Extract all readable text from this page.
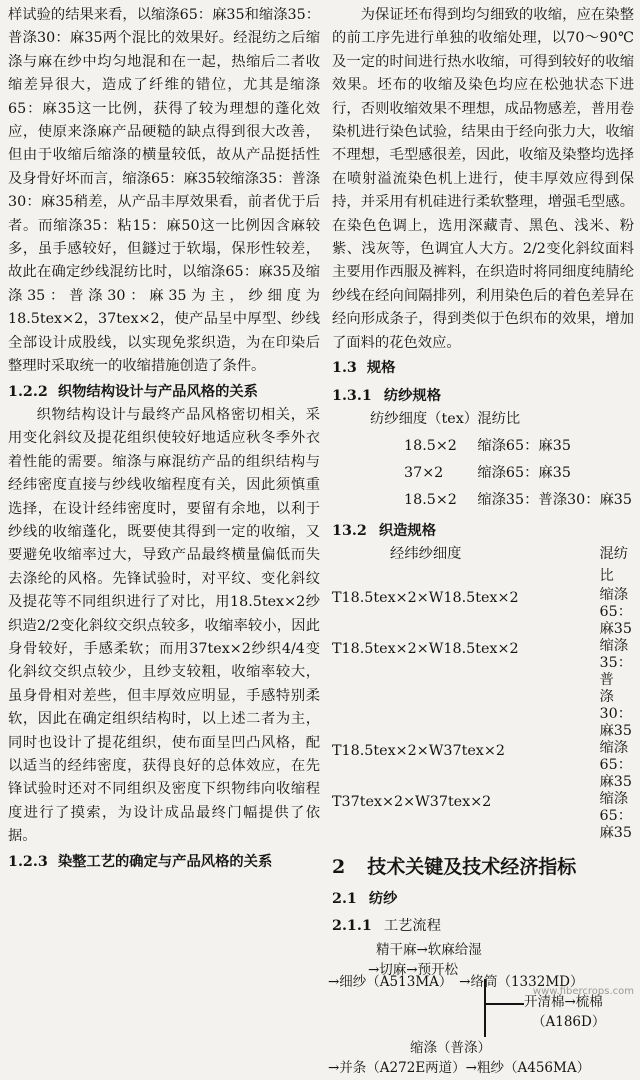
样试验的结果来看，以缩涤65：麻35和缩涤35：普涤30：麻35两个混比的效果好。经混纺之后缩涤与麻在纱中均匀地混和在一起，热缩后二者收缩差异很大，造成了纤维的错位，尤其是缩涤65：麻35这一比例，获得了较为理想的蓬化效应，使原来涤麻产品硬糙的缺点得到很大改善，但由于收缩后缩涤的横量较低，故从产品挺括性及身骨好坏而言，缩涤65：麻35较缩涤35：普涤30：麻35稍差，从产品丰厚效果看，前者优于后者。而缩涤35：粘15：麻50这一比例因含麻较多，虽手感较好，但鐩过于软塌，保形性较差，故此在确定纱线混纺比时，以缩涤65：麻35及缩涤35：普涤30：麻35为主，纱细度为18.5tex×2，37tex×2，使产品呈中厚型、纱线全部设计成股线，以实现免浆织造，为在印染后整理时采取统一的收缩措施创造了条件。

1.2.2 织物结构设计与产品风格的关系

织物结构设计与最终产品风格密切相关，采用变化斜纹及提花组织使较好地适应秋冬季外衣着性能的需要。缩涤与麻混纺产品的组织结构与经纬密度直接与纱线收缩程度有关，因此须慎重选择，在设计经纬密度时，要留有余地，以利于纱线的收缩蓬化，既要使其得到一定的收缩，又要避免收缩率过大，导致产品最终横量偏低而失去涤纶的风格。先锋试验时，对平纹、变化斜纹及提花等不同组织进行了对比，用18.5tex×2纱织造2/2变化斜纹交织点较多，收缩率较小，因此身骨较好，手感柔软；而用37tex×2纱织4/4变化斜纹交织点较少，且纱支较粗，收缩率较大，虽身骨相对差些，但丰厚效应明显，手感特别柔软，因此在确定组织结构时，以上述二者为主，同时也设计了提花组织，使布面呈凹凸风格，配以适当的经纬密度，获得良好的总体效应，在先锋试验时还对不同组织及密度下织物纬向收缩程度进行了摸索，为设计成品最终门幅提供了依据。

1.2.3 染整工艺的确定与产品风格的关系

为保证坯布得到均匀细致的收缩，应在染整的前工序先进行单独的收缩处理，以70～90℃及一定的时间进行热水收缩，可得到较好的收缩效果。坯布的收缩及染色均应在松弛状态下进行，否则收缩效果不理想，成品物感差，普用卷染机进行染色试验，结果由于经向张力大，收缩不理想，毛型感很差，因此，收缩及染整均选择在喷射溢流染色机上进行，使丰厚效应得到保持，并采用有机硅进行柔软整理，增强毛型感。在染色色调上，选用深藏青、黑色、浅米、粉紫、浅灰等，色调宜人大方。2/2变化斜纹面料主要用作西服及裤料，在织造时将同细度纯腈纶纱线在经向间隔排列，利用染色后的着色差异在经向形成条子，得到类似于色织布的效果，增加了面料的花色效应。

1.3 规格
1.3.1 纺纱规格
纺纱细度（tex）	混纺比
18.5×2	缩涤65：麻35
37×2	缩涤65：麻35
18.5×2	缩涤35：普涤30：麻35
13.2 织造规格
经纬纱细度	混纺比
T18.5tex×2×W18.5tex×2	缩涤65：
麻35

T18.5tex×2×W18.5tex×2	缩涤35：普
涤30：麻35

T18.5tex×2×W37tex×2	缩涤65：
麻35

T37tex×2×W37tex×2	缩涤65：
麻35
2 技术关键及技术经济指标
2.1 纺纱
2.1.1 工艺流程
精干麻→软麻给湿
→切麻→预开松
开清棉→梳棉
（A186D）
缩涤（普涤）
→并条（A272E两道）→粗纱（A456MA）
→细纱（A513MA）　→络筒（1332MD）
www.fibercrops.com
